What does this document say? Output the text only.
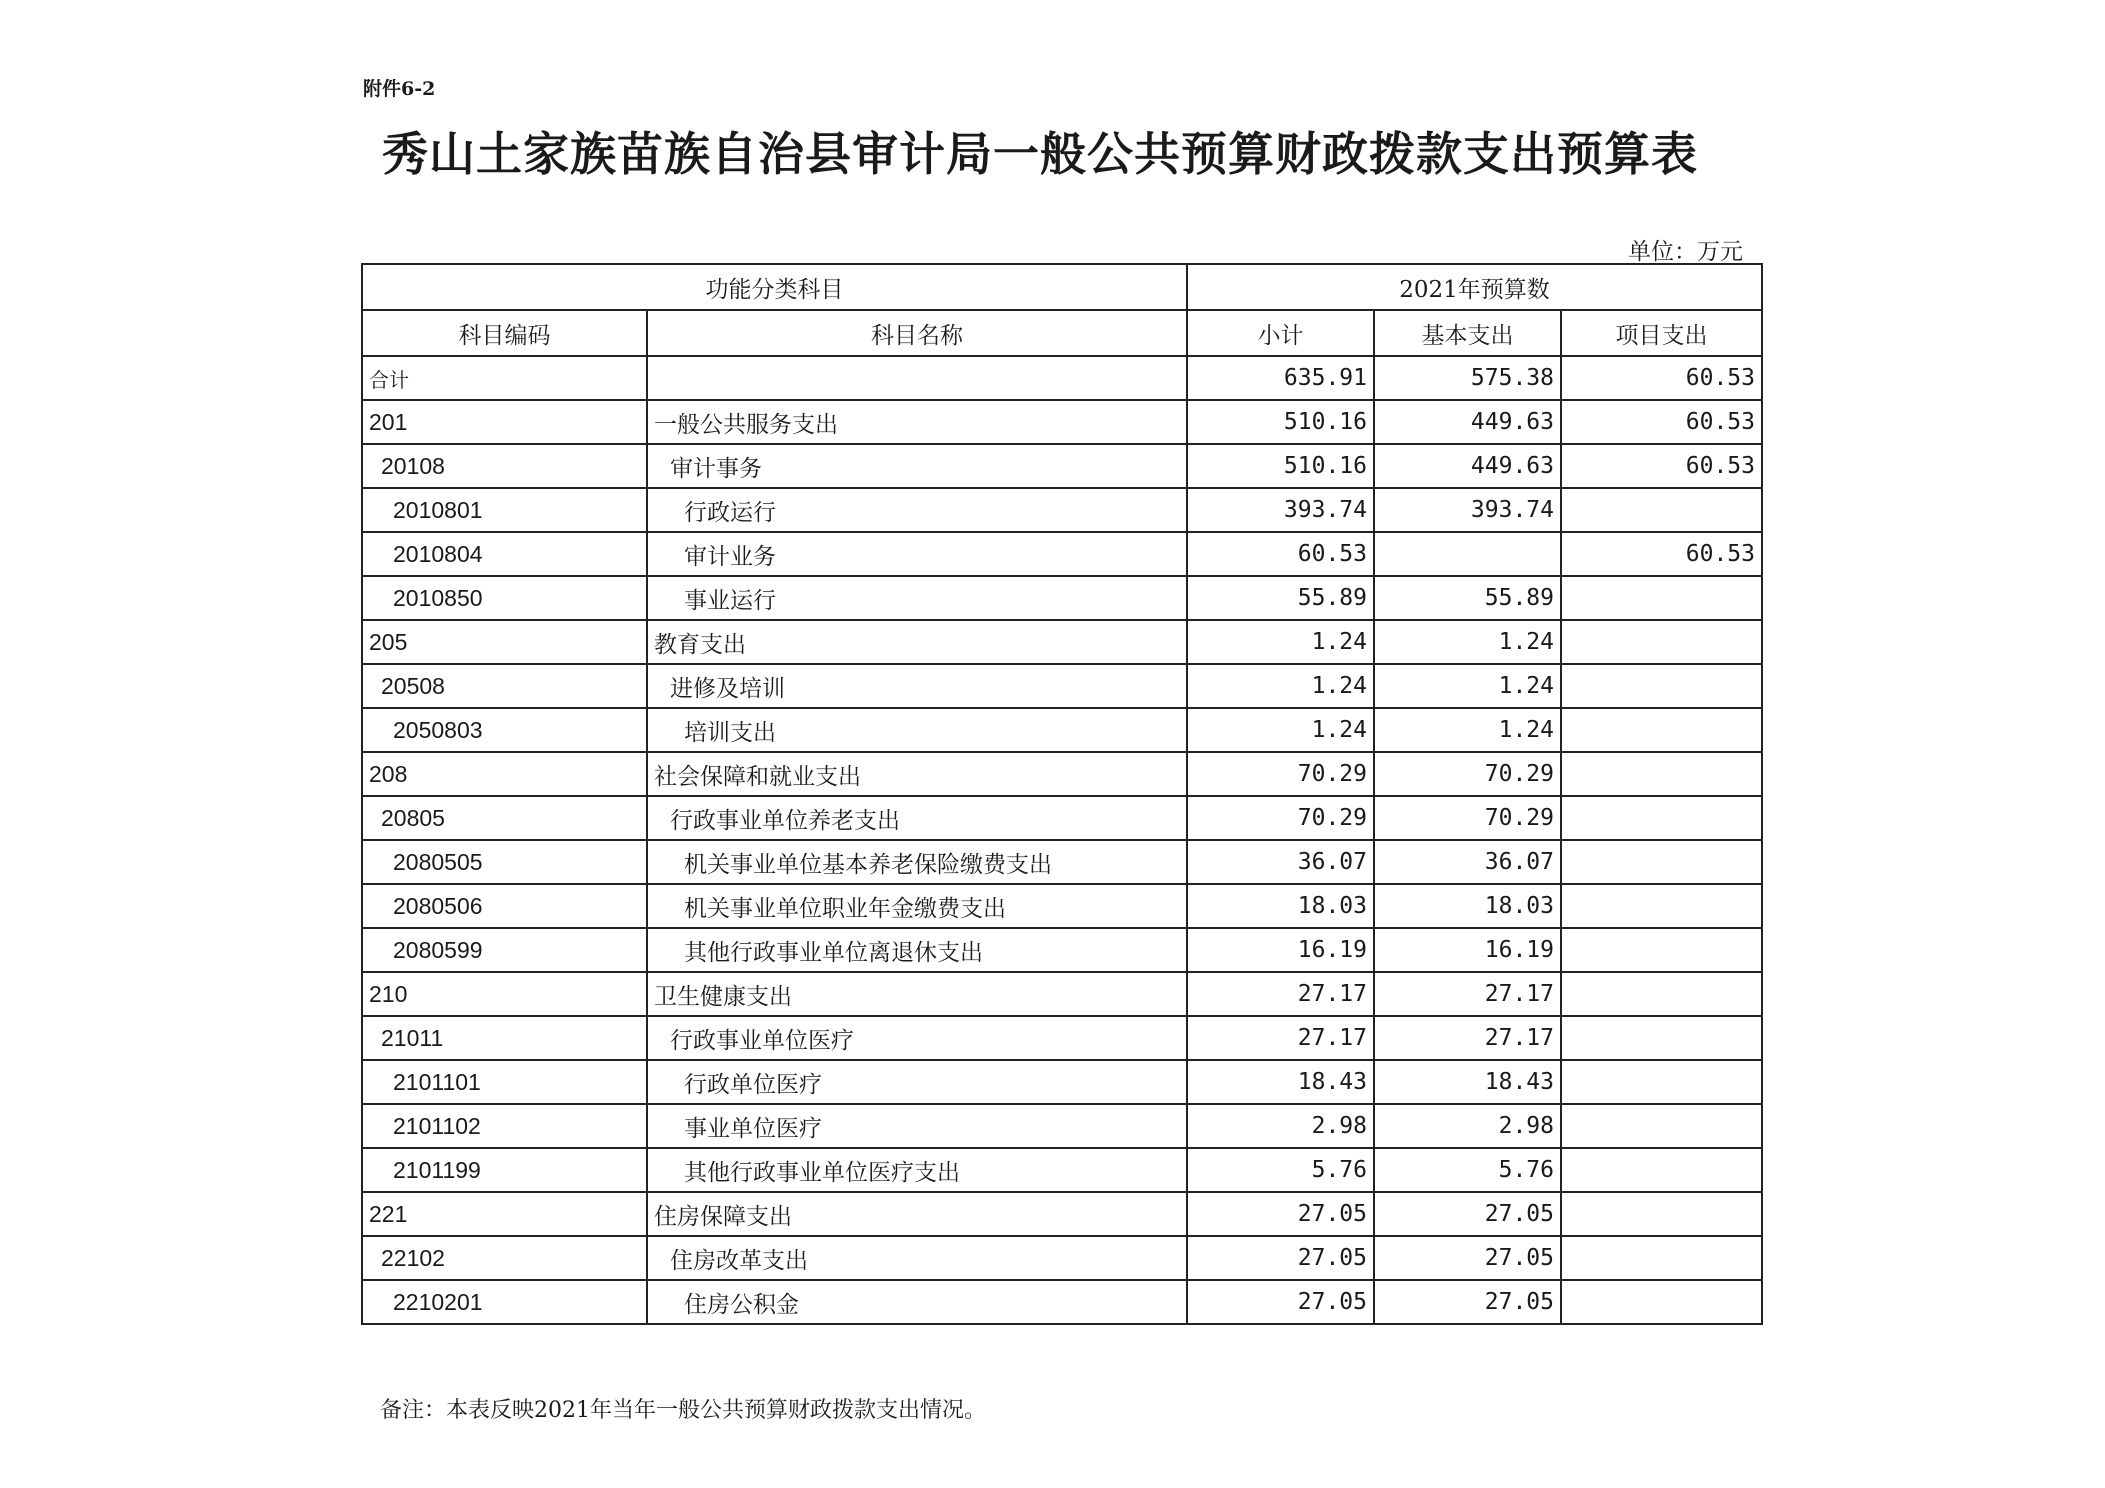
附件6-2
秀山土家族苗族自治县审计局一般公共预算财政拨款支出预算表
单位：万元
功能分类科目		2021年预算数		
科目编码	科目名称	小计	基本支出	项目支出
合计		635.91	575.38	60.53
201	一般公共服务支出	510.16	449.63	60.53
20108	审计事务	510.16	449.63	60.53
2010801	行政运行	393.74	393.74	
2010804	审计业务	60.53		60.53
2010850	事业运行	55.89	55.89	
205	教育支出	1.24	1.24	
20508	进修及培训	1.24	1.24	
2050803	培训支出	1.24	1.24	
208	社会保障和就业支出	70.29	70.29	
20805	行政事业单位养老支出	70.29	70.29	
2080505	机关事业单位基本养老保险缴费支出	36.07	36.07	
2080506	机关事业单位职业年金缴费支出	18.03	18.03	
2080599	其他行政事业单位离退休支出	16.19	16.19	
210	卫生健康支出	27.17	27.17	
21011	行政事业单位医疗	27.17	27.17	
2101101	行政单位医疗	18.43	18.43	
2101102	事业单位医疗	2.98	2.98	
2101199	其他行政事业单位医疗支出	5.76	5.76	
221	住房保障支出	27.05	27.05	
22102	住房改革支出	27.05	27.05	
2210201	住房公积金	27.05	27.05	
备注：本表反映2021年当年一般公共预算财政拨款支出情况。
